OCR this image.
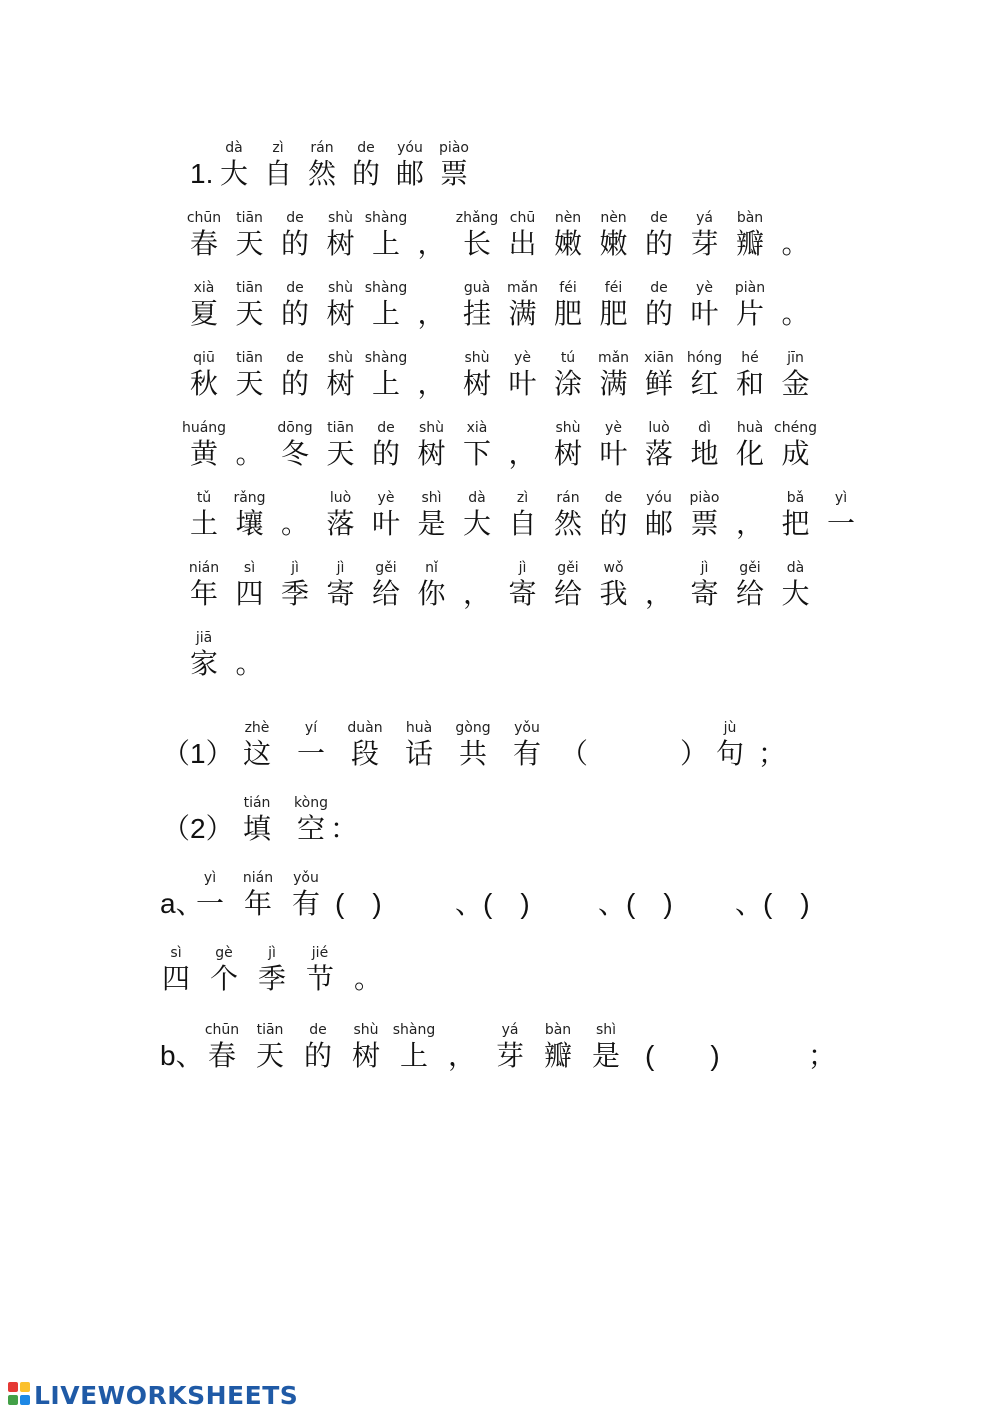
1.
dà
大
zì
自
rán
然
de
的
yóu
邮
piào
票
chūn
春
tiān
天
de
的
shù
树
shàng
上 ，
zhǎng
长
chū
出
nèn
嫩
nèn
嫩
de
的
yá
芽
bàn
瓣 。
xià
夏
tiān
天
de
的
shù
树
shàng
上 ，
guà
挂
mǎn
满
féi
肥
féi
肥
de
的
yè
叶
piàn
片 。
qiū
秋
tiān
天
de
的
shù
树
shàng
上 ，
shù
树
yè
叶
tú
涂
mǎn
满
xiān
鲜
hóng
红
hé
和
jīn
金
huáng
黄 。
dōng
冬
tiān
天
de
的
shù
树
xià
下 ，
shù
树
yè
叶
luò
落
dì
地
huà
化
chéng
成
tǔ
土
rǎng
壤 。
luò
落
yè
叶
shì
是
dà
大
zì
自
rán
然
de
的
yóu
邮
piào
票 ，
bǎ
把
yì
一
nián
年
sì
四
jì
季
jì
寄
gěi
给
nǐ
你 ，
jì
寄
gěi
给
wǒ
我 ，
jì
寄
gěi
给
dà
大
jiā
家 。
（1）
zhè
这
yí
一
duàn
段
huà
话
gòng
共
yǒu
有 （	）
jù
句 ；
（2）
tián
填
kòng
空 ：
a、
yì
一
nián
年
yǒu
有 (　)	、(　) 、(　) 、(　)
sì
四
gè
个
jì
季
jié
节 。
b、
chūn
春
tiān
天
de
的
shù
树
shàng
上 ，
yá
芽
bàn
瓣
shì
是 (　　)	；
LIVEWORKSHEETS
